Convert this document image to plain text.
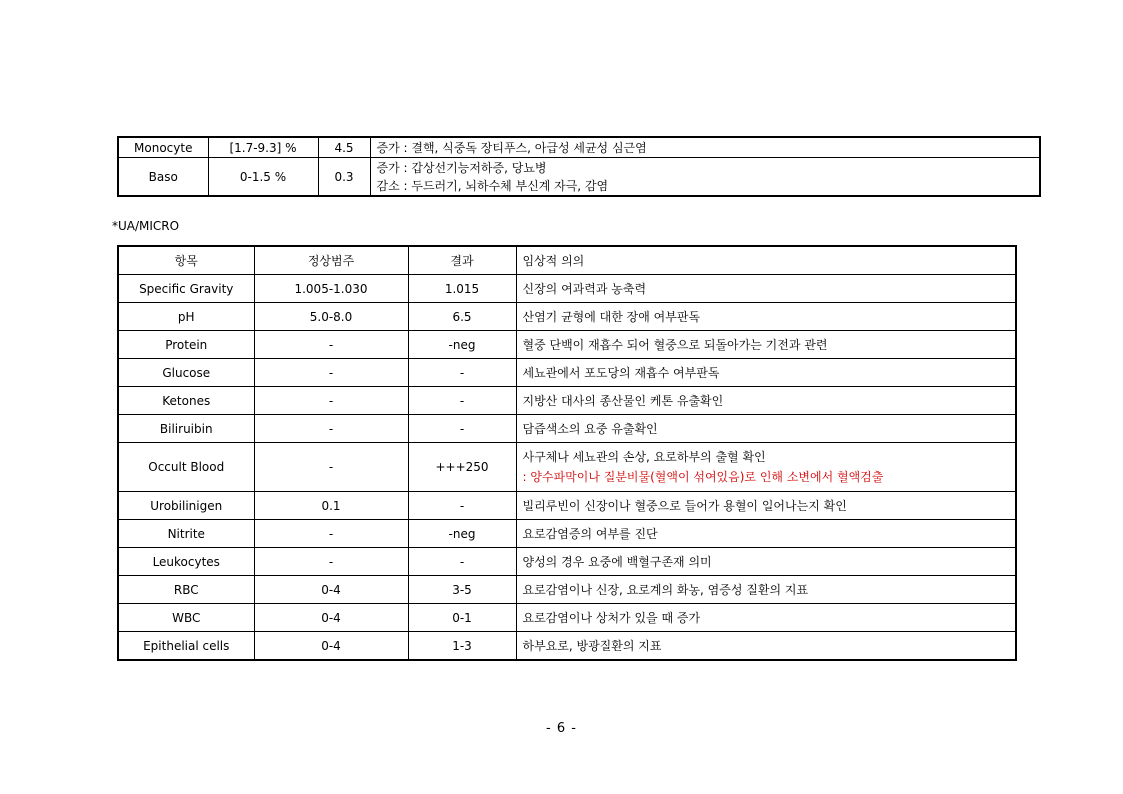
Monocyte	[1.7-9.3] %	4.5	증가 : 결핵, 식중독 장티푸스, 아급성 세균성 심근염

Baso	0-1.5 %	0.3	증가 : 갑상선기능저하증, 당뇨병
감소 : 두드러기, 뇌하수체 부신계 자극, 감염
*UA/MICRO
항목	정상범주	결과	임상적 의의
Specific Gravity	1.005-1.030	1.015	신장의 여과력과 농축력
pH	5.0-8.0	6.5	산염기 균형에 대한 장애 여부판독
Protein	-	-neg	혈중 단백이 재흡수 되어 혈중으로 되돌아가는 기전과 관련
Glucose	-	-	세뇨관에서 포도당의 재흡수 여부판독
Ketones	-	-	지방산 대사의 종산물인 케톤 유출확인
Biliruibin	-	-	담즙색소의 요중 유출확인
Occult Blood	-	+++250	사구체나 세뇨관의 손상, 요로하부의 출혈 확인
: 양수파막이나 질분비물(혈액이 섞여있음)로 인해 소변에서 혈액검출

Urobilinigen	0.1	-	빌리루빈이 신장이나 혈중으로 들어가 용혈이 일어나는지 확인
Nitrite	-	-neg	요로감염증의 여부를 진단
Leukocytes	-	-	양성의 경우 요중에 백혈구존재 의미
RBC	0-4	3-5	요로감염이나 신장, 요로계의 화농, 염증성 질환의 지표
WBC	0-4	0-1	요로감염이나 상처가 있을 때 증가
Epithelial cells	0-4	1-3	하부요로, 방광질환의 지표
- 6 -
